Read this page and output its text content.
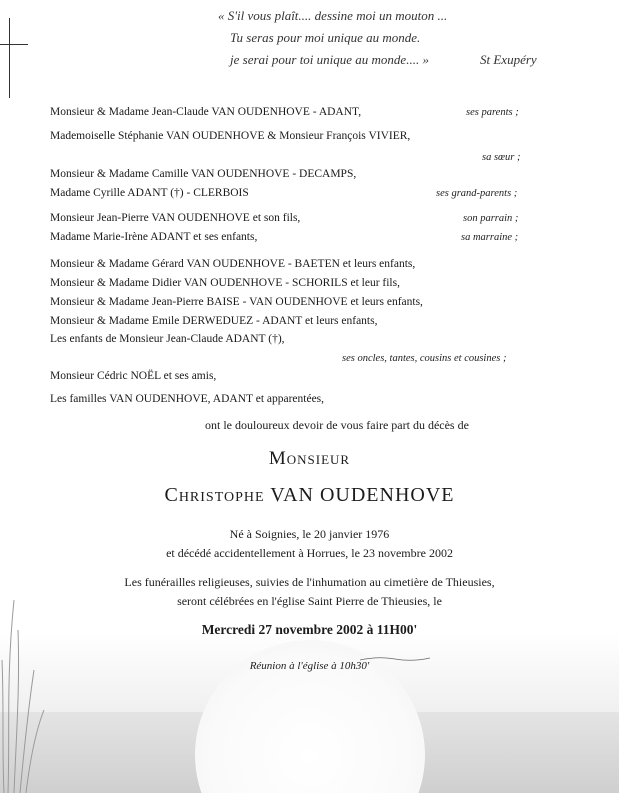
« S'il vous plaît.... dessine moi un mouton ...
Tu seras pour moi unique au monde.
je serai pour toi unique au monde.... »	St Exupéry
Monsieur & Madame Jean-Claude VAN OUDENHOVE - ADANT,	ses parents ;
Mademoiselle Stéphanie VAN OUDENHOVE & Monsieur François VIVIER,
sa sœur ;
Monsieur & Madame Camille VAN OUDENHOVE - DECAMPS,
Madame Cyrille ADANT (†) - CLERBOIS	ses grand-parents ;
Monsieur Jean-Pierre VAN OUDENHOVE et son fils,	son parrain ;
Madame Marie-Irène ADANT et ses enfants,	sa marraine ;
Monsieur & Madame Gérard VAN OUDENHOVE - BAETEN et leurs enfants,
Monsieur & Madame Didier VAN OUDENHOVE - SCHORILS et leur fils,
Monsieur & Madame Jean-Pierre BAISE - VAN OUDENHOVE et leurs enfants,
Monsieur & Madame Emile DERWEDUEZ - ADANT et leurs enfants,
Les enfants de Monsieur Jean-Claude ADANT (†),
ses oncles, tantes, cousins et cousines ;
Monsieur Cédric NOËL et ses amis,
Les familles VAN OUDENHOVE, ADANT et apparentées,
ont le douloureux devoir de vous faire part du décès de
Monsieur
Christophe VAN OUDENHOVE
Né à Soignies, le 20 janvier 1976
et décédé accidentellement à Horrues, le 23 novembre 2002
Les funérailles religieuses, suivies de l'inhumation au cimetière de Thieusies,
seront célébrées en l'église Saint Pierre de Thieusies, le
Mercredi 27 novembre 2002 à 11H00'
Réunion à l'église à 10h30'
